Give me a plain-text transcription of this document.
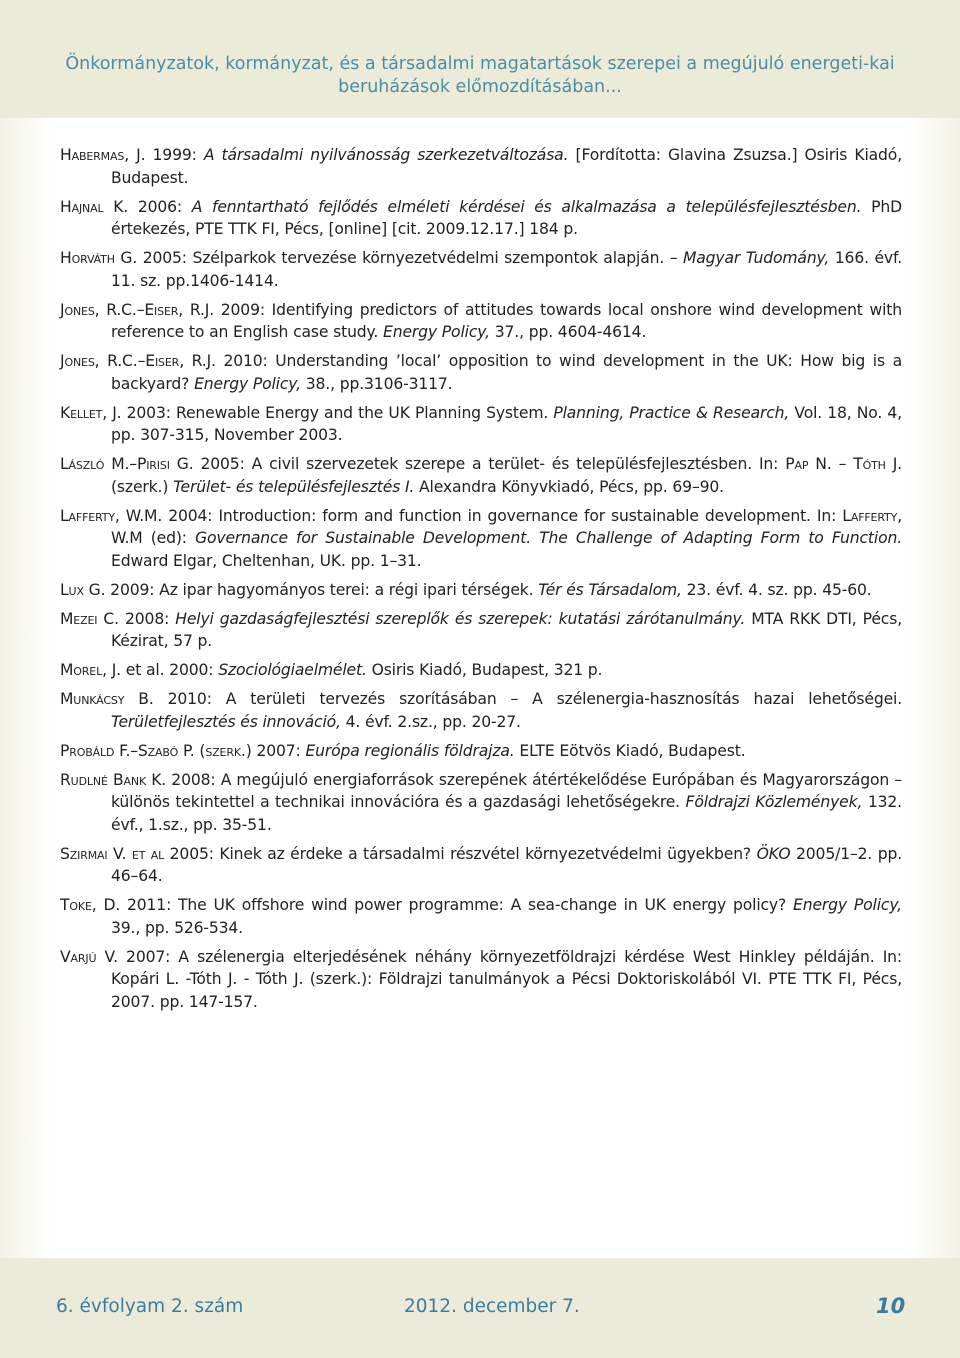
Önkormányzatok, kormányzat, és a társadalmi magatartások szerepei a megújuló energeti-kai beruházások előmozdításában...

Habermas, J. 1999: A társadalmi nyilvánosság szerkezetváltozása. [Fordította: Glavina Zsuzsa.] Osiris Kiadó, Budapest.

Hajnal K. 2006: A fenntartható fejlődés elméleti kérdései és alkalmazása a településfejlesztésben. PhD értekezés, PTE TTK FI, Pécs, [online] [cit. 2009.12.17.] 184 p.

Horváth G. 2005: Szélparkok tervezése környezetvédelmi szempontok alapján. – Magyar Tudomány, 166. évf. 11. sz. pp.1406-1414.

Jones, R.C.–Eiser, R.J. 2009: Identifying predictors of attitudes towards local onshore wind development with reference to an English case study. Energy Policy, 37., pp. 4604-4614.

Jones, R.C.–Eiser, R.J. 2010: Understanding ’local’ opposition to wind development in the UK: How big is a backyard? Energy Policy, 38., pp.3106-3117.

Kellet, J. 2003: Renewable Energy and the UK Planning System. Planning, Practice & Research, Vol. 18, No. 4, pp. 307-315, November 2003.

László M.–Pirisi G. 2005: A civil szervezetek szerepe a terület- és településfejlesztésben. In: Pap N. – Tóth J. (szerk.) Terület- és településfejlesztés I. Alexandra Könyvkiadó, Pécs, pp. 69–90.

Lafferty, W.M. 2004: Introduction: form and function in governance for sustainable development. In: Lafferty, W.M (ed): Governance for Sustainable Development. The Challenge of Adapting Form to Function. Edward Elgar, Cheltenhan, UK. pp. 1–31.

Lux G. 2009: Az ipar hagyományos terei: a régi ipari térségek. Tér és Társadalom, 23. évf. 4. sz. pp. 45-60.

Mezei C. 2008: Helyi gazdaságfejlesztési szereplők és szerepek: kutatási zárótanulmány. MTA RKK DTI, Pécs, Kézirat, 57 p.

Morel, J. et al. 2000: Szociológiaelmélet. Osiris Kiadó, Budapest, 321 p.

Munkácsy B. 2010: A területi tervezés szorításában – A szélenergia-hasznosítás hazai lehetőségei. Területfejlesztés és innováció, 4. évf. 2.sz., pp. 20-27.

Probáld F.–Szabó P. (szerk.) 2007: Európa regionális földrajza. ELTE Eötvös Kiadó, Budapest.

Rudlné Bank K. 2008: A megújuló energiaforrások szerepének átértékelődése Európában és Magyarországon – különös tekintettel a technikai innovációra és a gazdasági lehetőségekre. Földrajzi Közlemények, 132. évf., 1.sz., pp. 35-51.

Szirmai V. et al 2005: Kinek az érdeke a társadalmi részvétel környezetvédelmi ügyekben? ÖKO 2005/1–2. pp. 46–64.

Toke, D. 2011: The UK offshore wind power programme: A sea-change in UK energy policy? Energy Policy, 39., pp. 526-534.

Varjú V. 2007: A szélenergia elterjedésének néhány környezetföldrajzi kérdése West Hinkley példáján. In: Kopári L. -Tóth J. - Tóth J. (szerk.): Földrajzi tanulmányok a Pécsi Doktoriskolából VI. PTE TTK FI, Pécs, 2007. pp. 147-157.

6. évfolyam 2. szám	2012. december 7.	10
